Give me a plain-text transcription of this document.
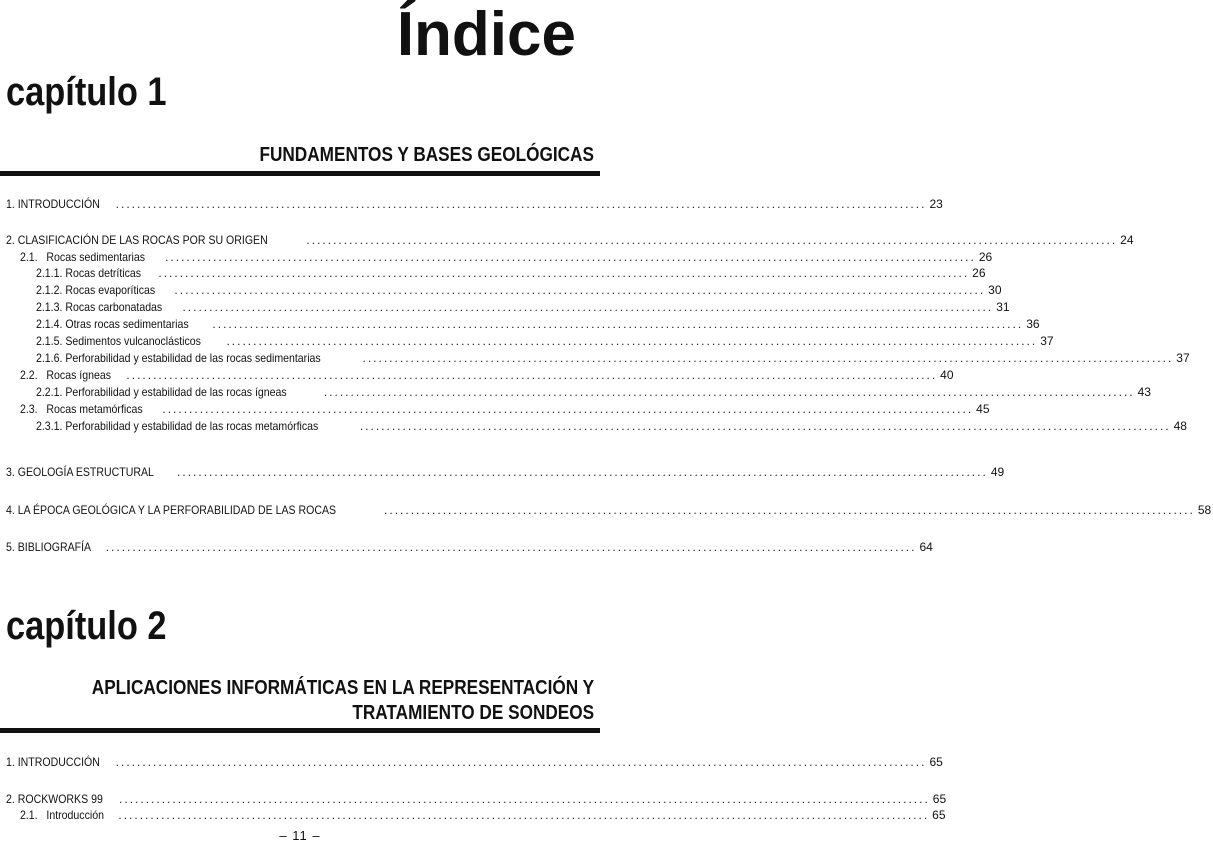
Índice
capítulo 1
FUNDAMENTOS Y BASES GEOLÓGICAS
1. INTRODUCCIÓN ........................................................................................................................................................ 23
2. CLASIFICACIÓN DE LAS ROCAS POR SU ORIGEN	........................................................................................................................................................ 24
2.1.   Rocas sedimentarias ........................................................................................................................................................ 26
2.1.1. Rocas detríticas ........................................................................................................................................................ 26
2.1.2. Rocas evaporíticas ........................................................................................................................................................ 30
2.1.3. Rocas carbonatadas ........................................................................................................................................................ 31
2.1.4. Otras rocas sedimentarias ........................................................................................................................................................ 36
2.1.5. Sedimentos vulcanoclásticos ........................................................................................................................................................ 37
2.1.6. Perforabilidad y estabilidad de las rocas sedimentarias	........................................................................................................................................................ 37
2.2.   Rocas ígneas ........................................................................................................................................................ 40
2.2.1. Perforabilidad y estabilidad de las rocas ígneas	........................................................................................................................................................ 43
2.3.   Rocas metamórficas ........................................................................................................................................................ 45
2.3.1. Perforabilidad y estabilidad de las rocas metamórficas	........................................................................................................................................................ 48
3. GEOLOGÍA ESTRUCTURAL ........................................................................................................................................................ 49
4. LA ÉPOCA GEOLÓGICA Y LA PERFORABILIDAD DE LAS ROCAS	........................................................................................................................................................ 58
5. BIBLIOGRAFÍA ........................................................................................................................................................ 64
capítulo 2
APLICACIONES INFORMÁTICAS EN LA REPRESENTACIÓN Y
TRATAMIENTO DE SONDEOS
1. INTRODUCCIÓN ........................................................................................................................................................ 65
2. ROCKWORKS 99 ........................................................................................................................................................ 65
2.1.   Introducción ........................................................................................................................................................ 65
– 11 –
